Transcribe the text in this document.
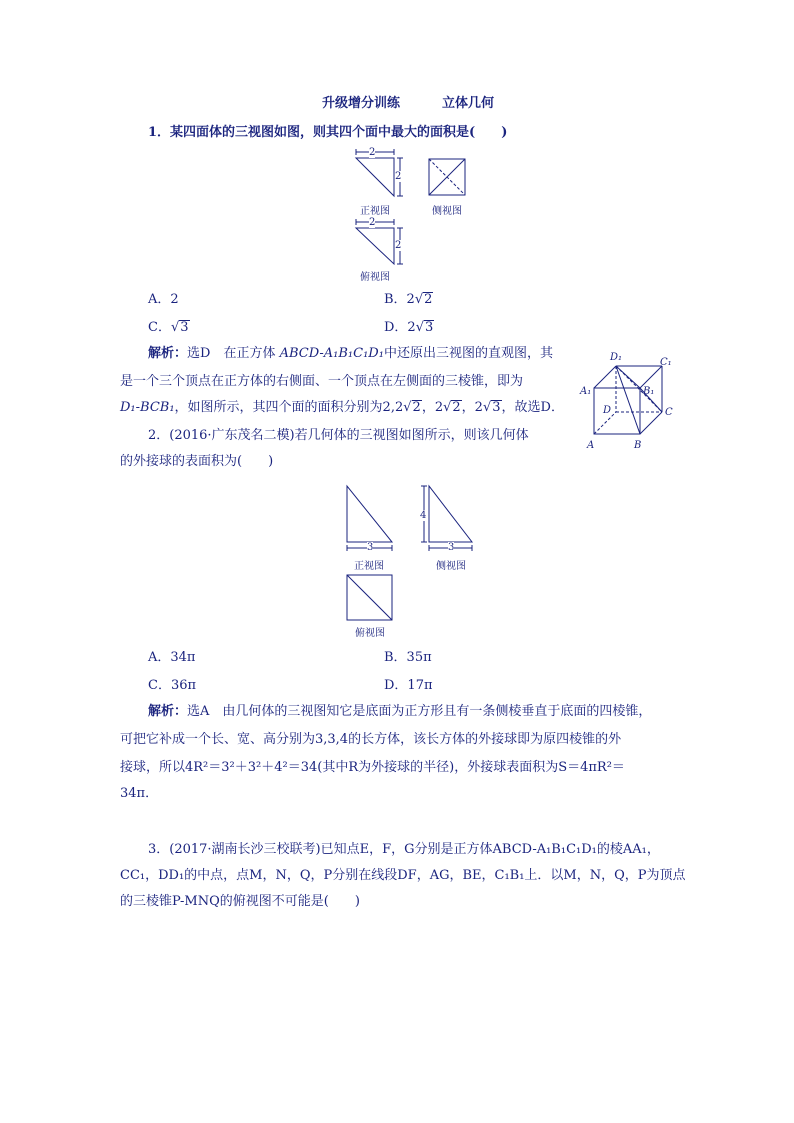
升级增分训练	立体几何
1．某四面体的三视图如图，则其四个面中最大的面积是(　　)
2
2
正视图	侧视图
2
2
俯视图
A．2	B．2√2
C．√3	D．2√3
解析：选D　在正方体 ABCD-A₁B₁C₁D₁中还原出三视图的直观图，其
是一个三个顶点在正方体的右侧面、一个顶点在左侧面的三棱锥，即为
D₁-BCB₁，如图所示，其四个面的面积分别为2,2√2，2√2，2√3，故选D．
D₁	C₁
A₁	B₁
D	C
A	B
2．(2016·广东茂名二模)若几何体的三视图如图所示，则该几何体
的外接球的表面积为(　　)
3
正视图
4
3
侧视图
俯视图
A．34π	B．35π
C．36π	D．17π
解析：选A　由几何体的三视图知它是底面为正方形且有一条侧棱垂直于底面的四棱锥，
可把它补成一个长、宽、高分别为3,3,4的长方体，该长方体的外接球即为原四棱锥的外
接球，所以4R²＝3²＋3²＋4²＝34(其中R为外接球的半径)，外接球表面积为S＝4πR²＝
34π．
3．(2017·湖南长沙三校联考)已知点E，F，G分别是正方体ABCD-A₁B₁C₁D₁的棱AA₁，
CC₁，DD₁的中点，点M，N，Q，P分别在线段DF，AG，BE，C₁B₁上．以M，N，Q，P为顶点
的三棱锥P-MNQ的俯视图不可能是(　　)
